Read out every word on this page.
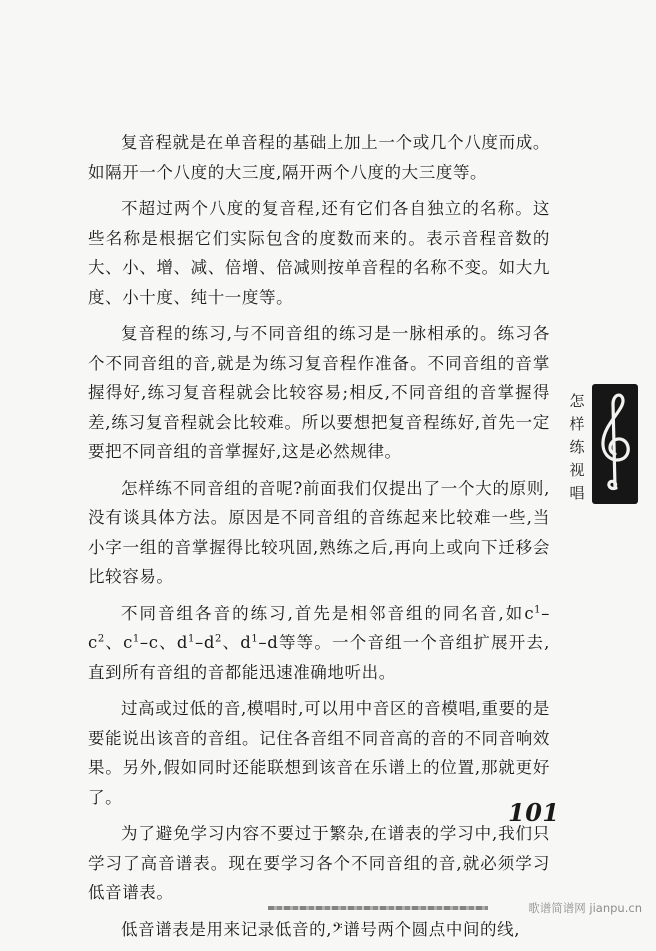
复音程就是在单音程的基础上加上一个或几个八度而成。如隔开一个八度的大三度,隔开两个八度的大三度等。

不超过两个八度的复音程,还有它们各自独立的名称。这些名称是根据它们实际包含的度数而来的。表示音程音数的大、小、增、减、倍增、倍减则按单音程的名称不变。如大九度、小十度、纯十一度等。

复音程的练习,与不同音组的练习是一脉相承的。练习各个不同音组的音,就是为练习复音程作准备。不同音组的音掌握得好,练习复音程就会比较容易;相反,不同音组的音掌握得差,练习复音程就会比较难。所以要想把复音程练好,首先一定要把不同音组的音掌握好,这是必然规律。

怎样练不同音组的音呢?前面我们仅提出了一个大的原则,没有谈具体方法。原因是不同音组的音练起来比较难一些,当小字一组的音掌握得比较巩固,熟练之后,再向上或向下迁移会比较容易。

不同音组各音的练习,首先是相邻音组的同名音,如$c^1-c^2$、$c^1-c$、$d^1-d^2$、$d^1-d$等等。一个音组一个音组扩展开去,直到所有音组的音都能迅速准确地听出。

过高或过低的音,模唱时,可以用中音区的音模唱,重要的是要能说出该音的音组。记住各音组不同音高的音的不同音响效果。另外,假如同时还能联想到该音在乐谱上的位置,那就更好了。

为了避免学习内容不要过于繁杂,在谱表的学习中,我们只学习了高音谱表。现在要学习各个不同音组的音,就必须学习低音谱表。

低音谱表是用来记录低音的,𝄢谱号两个圆点中间的线,

怎
样
练
视
唱
101
歌谱简谱网 jianpu.cn
